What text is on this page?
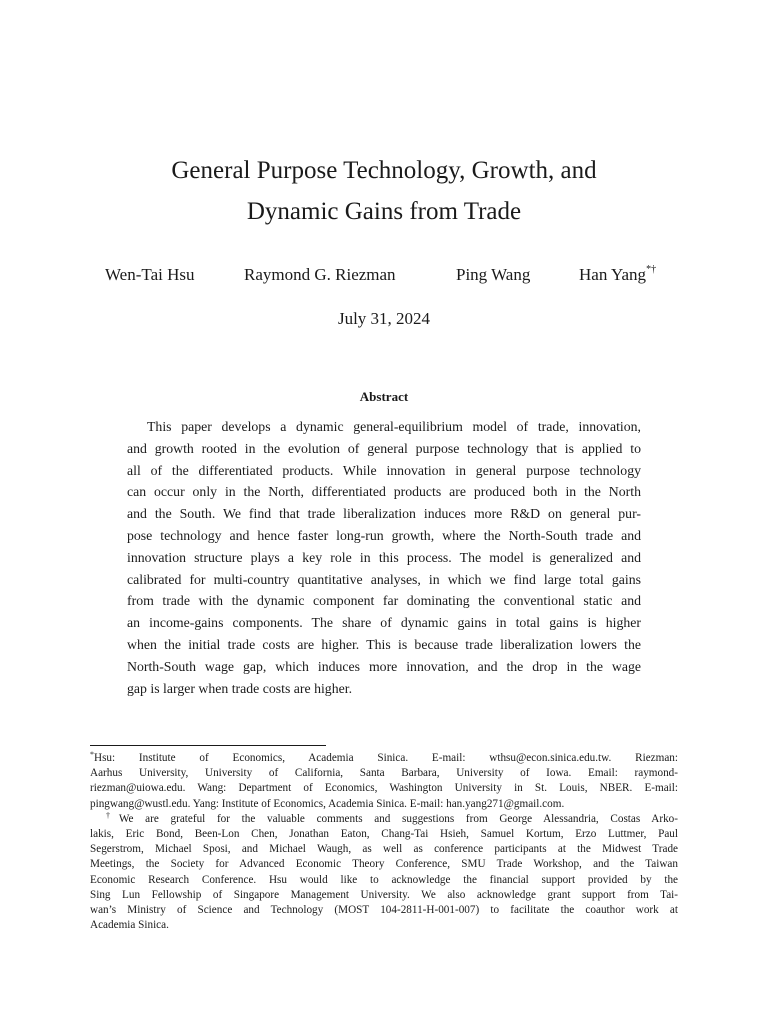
General Purpose Technology, Growth, and
Dynamic Gains from Trade
Wen-Tai Hsu	Raymond G. Riezman	Ping Wang	Han Yang*†
July 31, 2024
Abstract
This paper develops a dynamic general-equilibrium model of trade, innovation,
and growth rooted in the evolution of general purpose technology that is applied to
all of the differentiated products. While innovation in general purpose technology
can occur only in the North, differentiated products are produced both in the North
and the South. We find that trade liberalization induces more R&D on general pur-
pose technology and hence faster long-run growth, where the North-South trade and
innovation structure plays a key role in this process. The model is generalized and
calibrated for multi-country quantitative analyses, in which we find large total gains
from trade with the dynamic component far dominating the conventional static and
an income-gains components. The share of dynamic gains in total gains is higher
when the initial trade costs are higher. This is because trade liberalization lowers the
North-South wage gap, which induces more innovation, and the drop in the wage
gap is larger when trade costs are higher.
*Hsu: Institute of Economics, Academia Sinica. E-mail: wthsu@econ.sinica.edu.tw. Riezman:
Aarhus University, University of California, Santa Barbara, University of Iowa. Email: raymond-
riezman@uiowa.edu. Wang: Department of Economics, Washington University in St. Louis, NBER. E-mail:
pingwang@wustl.edu. Yang: Institute of Economics, Academia Sinica. E-mail: han.yang271@gmail.com.
†We are grateful for the valuable comments and suggestions from George Alessandria, Costas Arko-
lakis, Eric Bond, Been-Lon Chen, Jonathan Eaton, Chang-Tai Hsieh, Samuel Kortum, Erzo Luttmer, Paul
Segerstrom, Michael Sposi, and Michael Waugh, as well as conference participants at the Midwest Trade
Meetings, the Society for Advanced Economic Theory Conference, SMU Trade Workshop, and the Taiwan
Economic Research Conference. Hsu would like to acknowledge the financial support provided by the
Sing Lun Fellowship of Singapore Management University. We also acknowledge grant support from Tai-
wan’s Ministry of Science and Technology (MOST 104-2811-H-001-007) to facilitate the coauthor work at
Academia Sinica.
